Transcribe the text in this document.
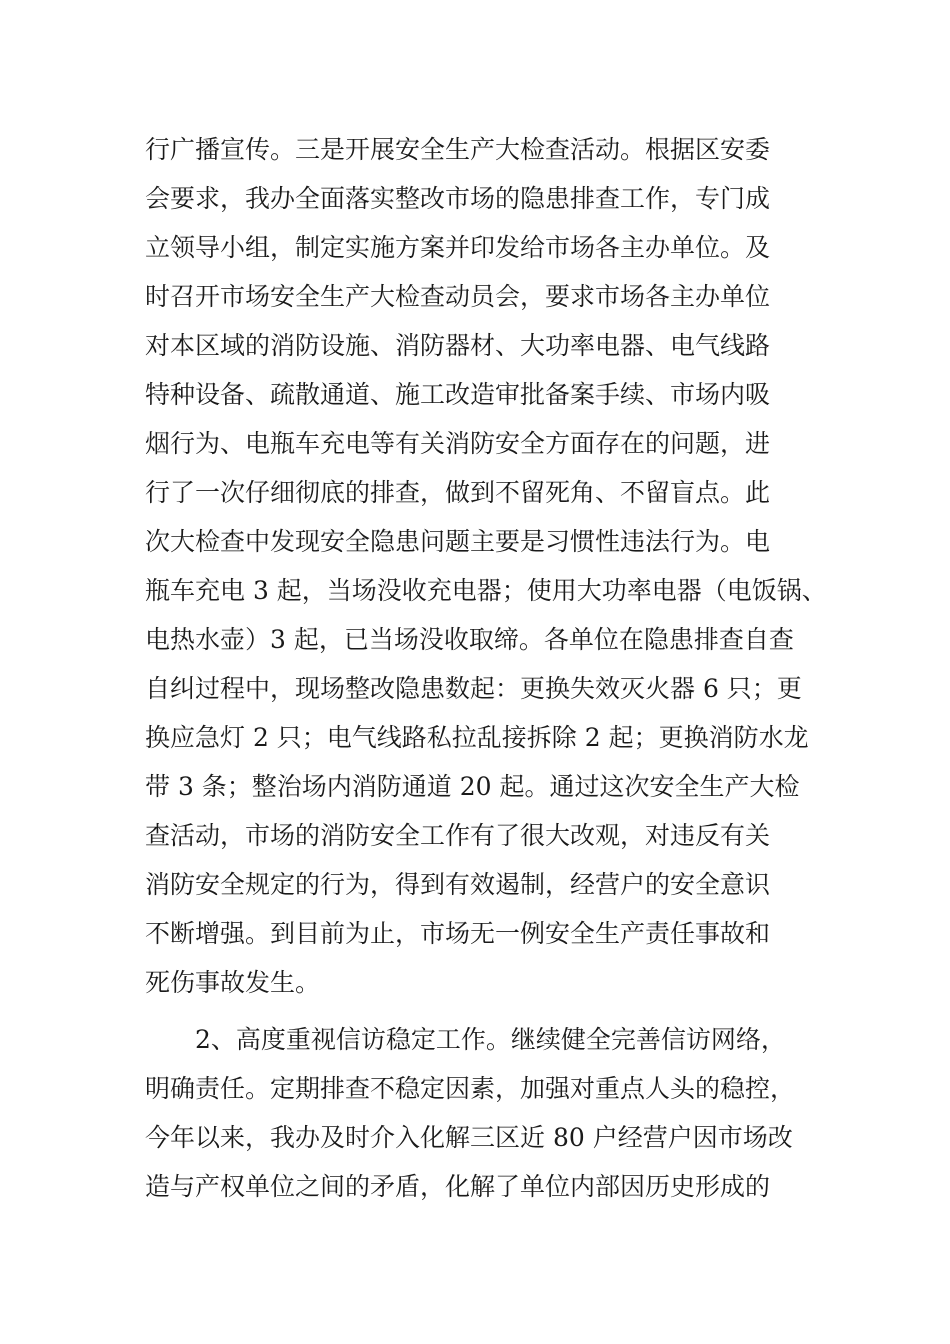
行广播宣传。三是开展安全生产大检查活动。根据区安委
会要求，我办全面落实整改市场的隐患排查工作，专门成
立领导小组，制定实施方案并印发给市场各主办单位。及
时召开市场安全生产大检查动员会，要求市场各主办单位
对本区域的消防设施、消防器材、大功率电器、电气线路
特种设备、疏散通道、施工改造审批备案手续、市场内吸
烟行为、电瓶车充电等有关消防安全方面存在的问题，进
行了一次仔细彻底的排查，做到不留死角、不留盲点。此
次大检查中发现安全隐患问题主要是习惯性违法行为。电
瓶车充电 3 起，当场没收充电器；使用大功率电器（电饭锅、
电热水壶）3 起，已当场没收取缔。各单位在隐患排查自查
自纠过程中，现场整改隐患数起：更换失效灭火器 6 只；更
换应急灯 2 只；电气线路私拉乱接拆除 2 起；更换消防水龙
带 3 条；整治场内消防通道 20 起。通过这次安全生产大检
查活动，市场的消防安全工作有了很大改观，对违反有关
消防安全规定的行为，得到有效遏制，经营户的安全意识
不断增强。到目前为止，市场无一例安全生产责任事故和
死伤事故发生。
2、高度重视信访稳定工作。继续健全完善信访网络，
明确责任。定期排查不稳定因素，加强对重点人头的稳控，
今年以来，我办及时介入化解三区近 80 户经营户因市场改
造与产权单位之间的矛盾，化解了单位内部因历史形成的
